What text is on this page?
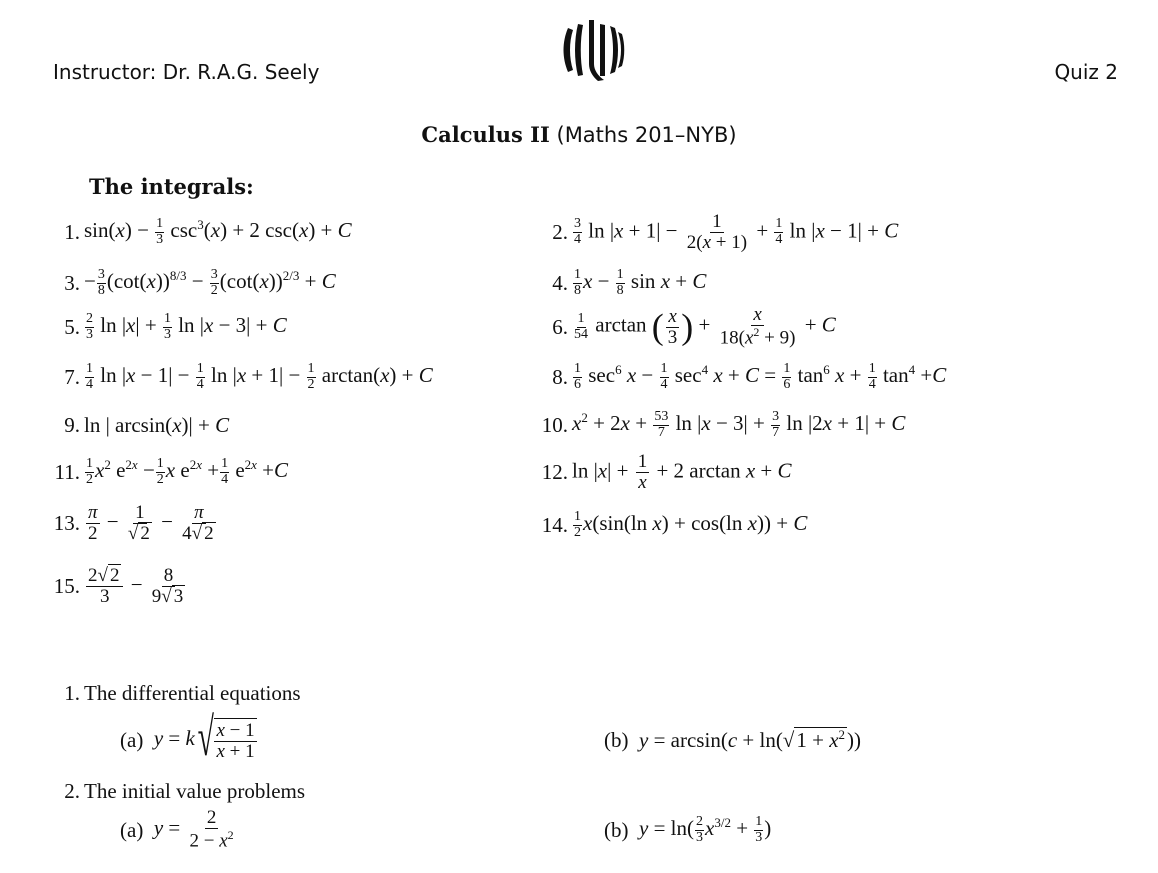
Instructor: Dr. R.A.G. Seely	Quiz 2
Calculus II (Maths 201–NYB)
The integrals:
1. $\sin(x) - \frac{1}{3} \csc^3(x) + 2$ csc(x) + C
3. − $\frac{3}{8} (\cot(x))^{8/3} - \frac{3}{2} (\cot(x))^{2/3} + C$
5. $\frac{2}{3}$ $\ln |x| + \frac{1}{3}$ ln |x − 3| + C
7. $\frac{1}{4}$ $\ln |x - 1| - \frac{1}{4}$ $\ln |x + 1| - \frac{1}{2} \arctan(x) + C$
9. ln | arcsin(x)| + C
11. $\frac{1}{2} x^2$ $e^{2x} - \frac{1}{2}$ x $e^{2x} + \frac{1}{4} e^{2x} +C$
13. $\frac{\pi}{2} - \frac{1}{√ 2} - \frac{\pi}{4√ 2}$
15. $\frac{2√ 2}{3} - \frac{8}{9√ 3}$
2. $\frac{3}{4}$ $\ln |x + 1| - \frac{1}{2(x + 1)} + \frac{1}{4}$ ln |x − 1| + C
4. $\frac{1}{8}$ $x - \frac{1}{8}$ sin x + C
6. $\frac{1}{54}$ arctan ( $\frac{x}{3}$ ) + $\frac{x}{18(x^2 + 9)} + C$
8. $\frac{1}{6} \sec^6 x - \frac{1}{4} \sec^4 x + C = \frac{1}{6} \tan^6 x + \frac{1}{4} \tan^4 +C$
10. $x^2 + 2x + \frac{53}{7}$ $\ln |x - 3| + \frac{3}{7}$ ln |2x + 1| + C
12. $\ln |x| + \frac{1}{x} + 2$ arctan x + C
14. $\frac{1}{2} x(\sin(\ln$ x) + cos(ln x)) + C
1. The differential equations
(a) $y = k√ \frac{x - 1}{x + 1}$	(b) $y = \arcsin(c + \ln(√1 + x^2))$
2. The initial value problems
(a) $y = \frac{2}{2 - x^2}$	(b) $y = \ln( \frac{2}{3} x^{3/2} + \frac{1}{3}$ )
